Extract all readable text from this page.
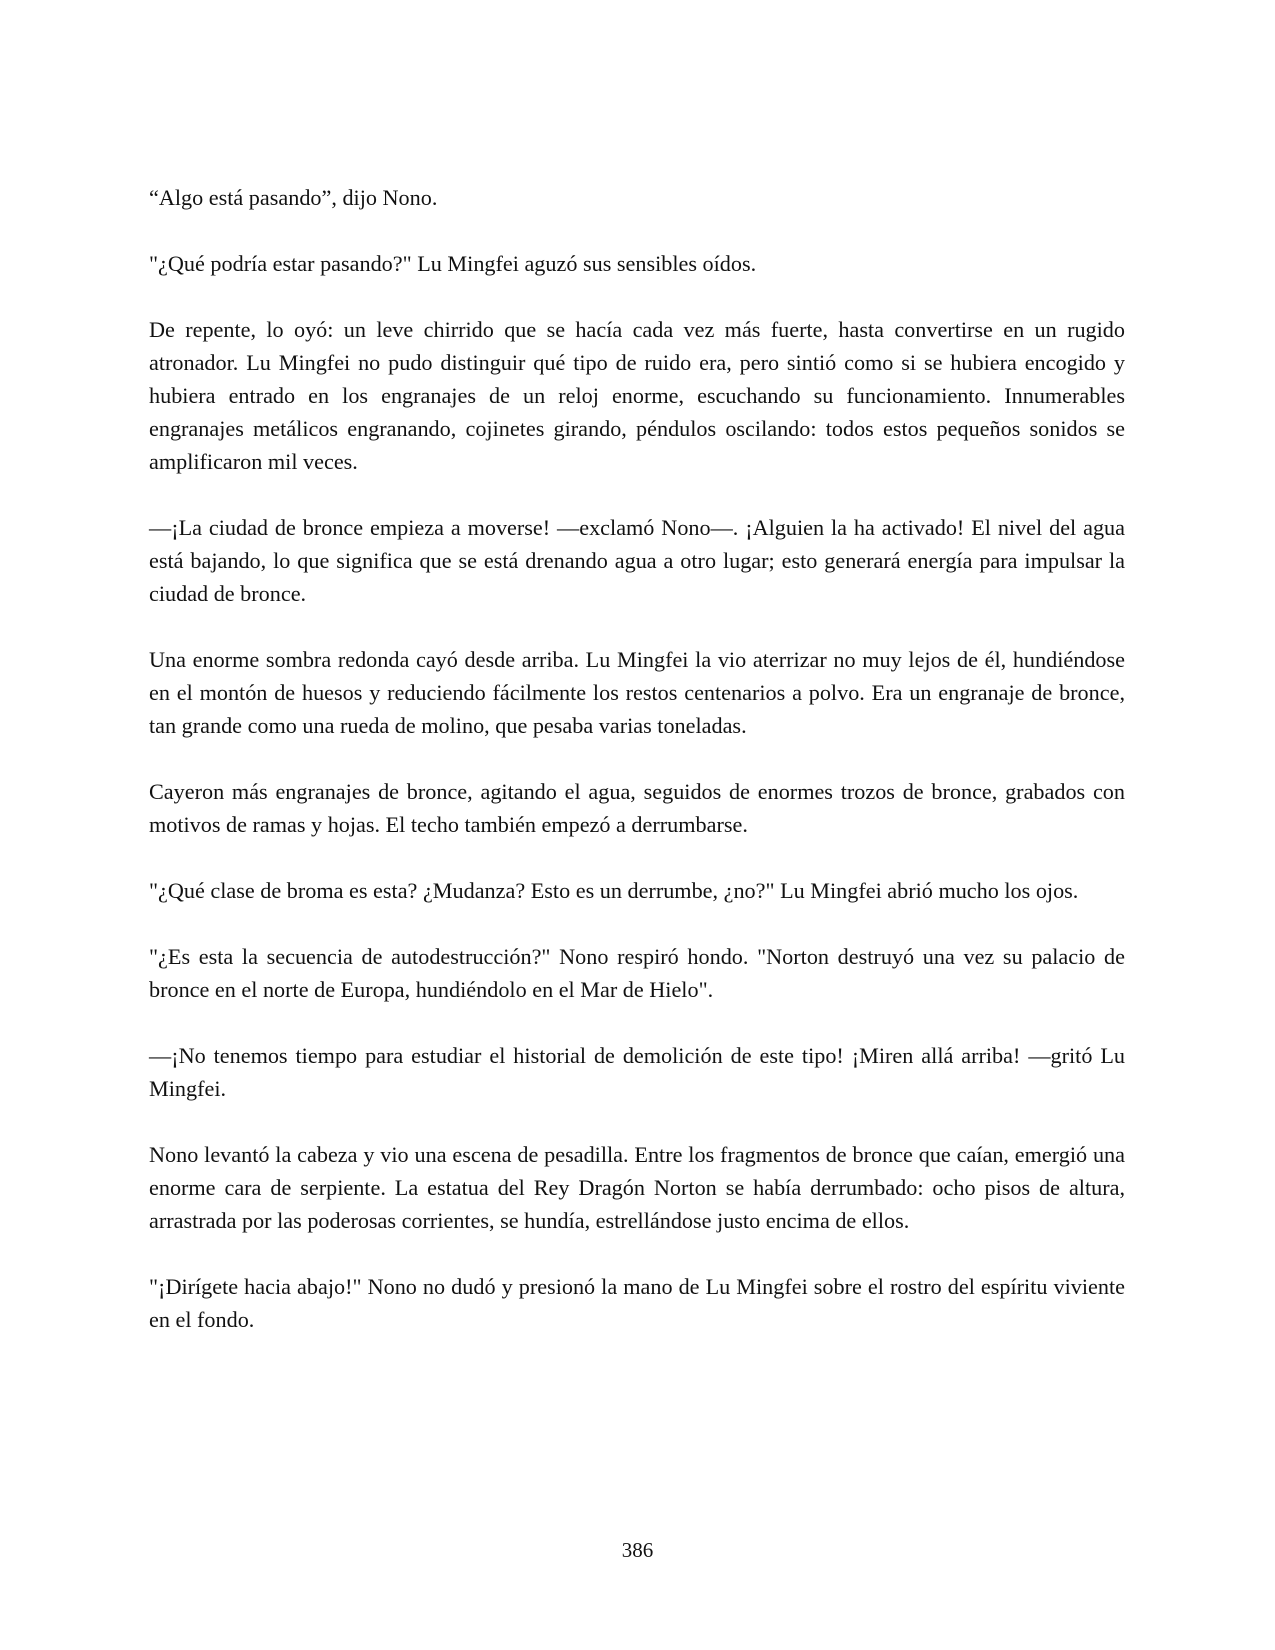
“Algo está pasando”, dijo Nono.

"¿Qué podría estar pasando?" Lu Mingfei aguzó sus sensibles oídos.

De repente, lo oyó: un leve chirrido que se hacía cada vez más fuerte, hasta convertirse en un rugido atronador. Lu Mingfei no pudo distinguir qué tipo de ruido era, pero sintió como si se hubiera encogido y hubiera entrado en los engranajes de un reloj enorme, escuchando su funcionamiento. Innumerables engranajes metálicos engranando, cojinetes girando, péndulos oscilando: todos estos pequeños sonidos se amplificaron mil veces.

—¡La ciudad de bronce empieza a moverse! —exclamó Nono—. ¡Alguien la ha activado! El nivel del agua está bajando, lo que significa que se está drenando agua a otro lugar; esto generará energía para impulsar la ciudad de bronce.

Una enorme sombra redonda cayó desde arriba. Lu Mingfei la vio aterrizar no muy lejos de él, hundiéndose en el montón de huesos y reduciendo fácilmente los restos centenarios a polvo. Era un engranaje de bronce, tan grande como una rueda de molino, que pesaba varias toneladas.

Cayeron más engranajes de bronce, agitando el agua, seguidos de enormes trozos de bronce, grabados con motivos de ramas y hojas. El techo también empezó a derrumbarse.

"¿Qué clase de broma es esta? ¿Mudanza? Esto es un derrumbe, ¿no?" Lu Mingfei abrió mucho los ojos.

"¿Es esta la secuencia de autodestrucción?" Nono respiró hondo. "Norton destruyó una vez su palacio de bronce en el norte de Europa, hundiéndolo en el Mar de Hielo".

—¡No tenemos tiempo para estudiar el historial de demolición de este tipo! ¡Miren allá arriba! —gritó Lu Mingfei.

Nono levantó la cabeza y vio una escena de pesadilla. Entre los fragmentos de bronce que caían, emergió una enorme cara de serpiente. La estatua del Rey Dragón Norton se había derrumbado: ocho pisos de altura, arrastrada por las poderosas corrientes, se hundía, estrellándose justo encima de ellos.

"¡Dirígete hacia abajo!" Nono no dudó y presionó la mano de Lu Mingfei sobre el rostro del espíritu viviente en el fondo.

386
